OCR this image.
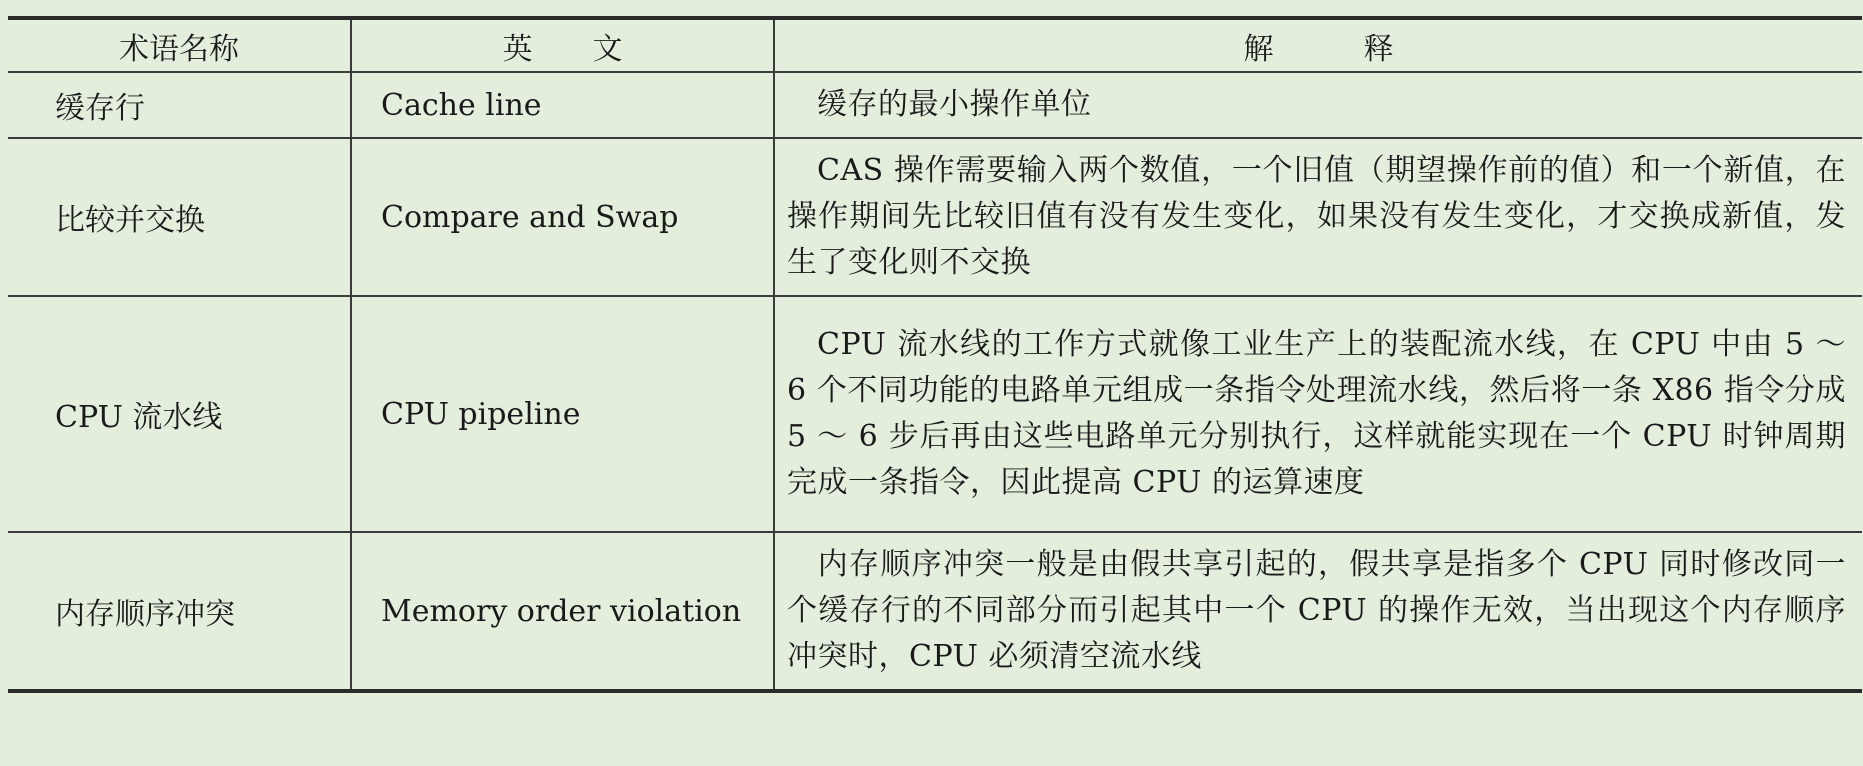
术语名称	英　　文	解　　　释
缓存行	Cache line	缓存的最小操作单位
比较并交换	Compare and Swap	CAS 操作需要输入两个数值，一个旧值（期望操作前的值）和一个新值，在操作期间先比较旧值有没有发生变化，如果没有发生变化，才交换成新值，发生了变化则不交换
CPU 流水线	CPU pipeline	CPU 流水线的工作方式就像工业生产上的装配流水线，在 CPU 中由 5 ～ 6 个不同功能的电路单元组成一条指令处理流水线，然后将一条 X86 指令分成 5 ～ 6 步后再由这些电路单元分别执行，这样就能实现在一个 CPU 时钟周期完成一条指令，因此提高 CPU 的运算速度
内存顺序冲突	Memory order violation	内存顺序冲突一般是由假共享引起的，假共享是指多个 CPU 同时修改同一个缓存行的不同部分而引起其中一个 CPU 的操作无效，当出现这个内存顺序冲突时，CPU 必须清空流水线
